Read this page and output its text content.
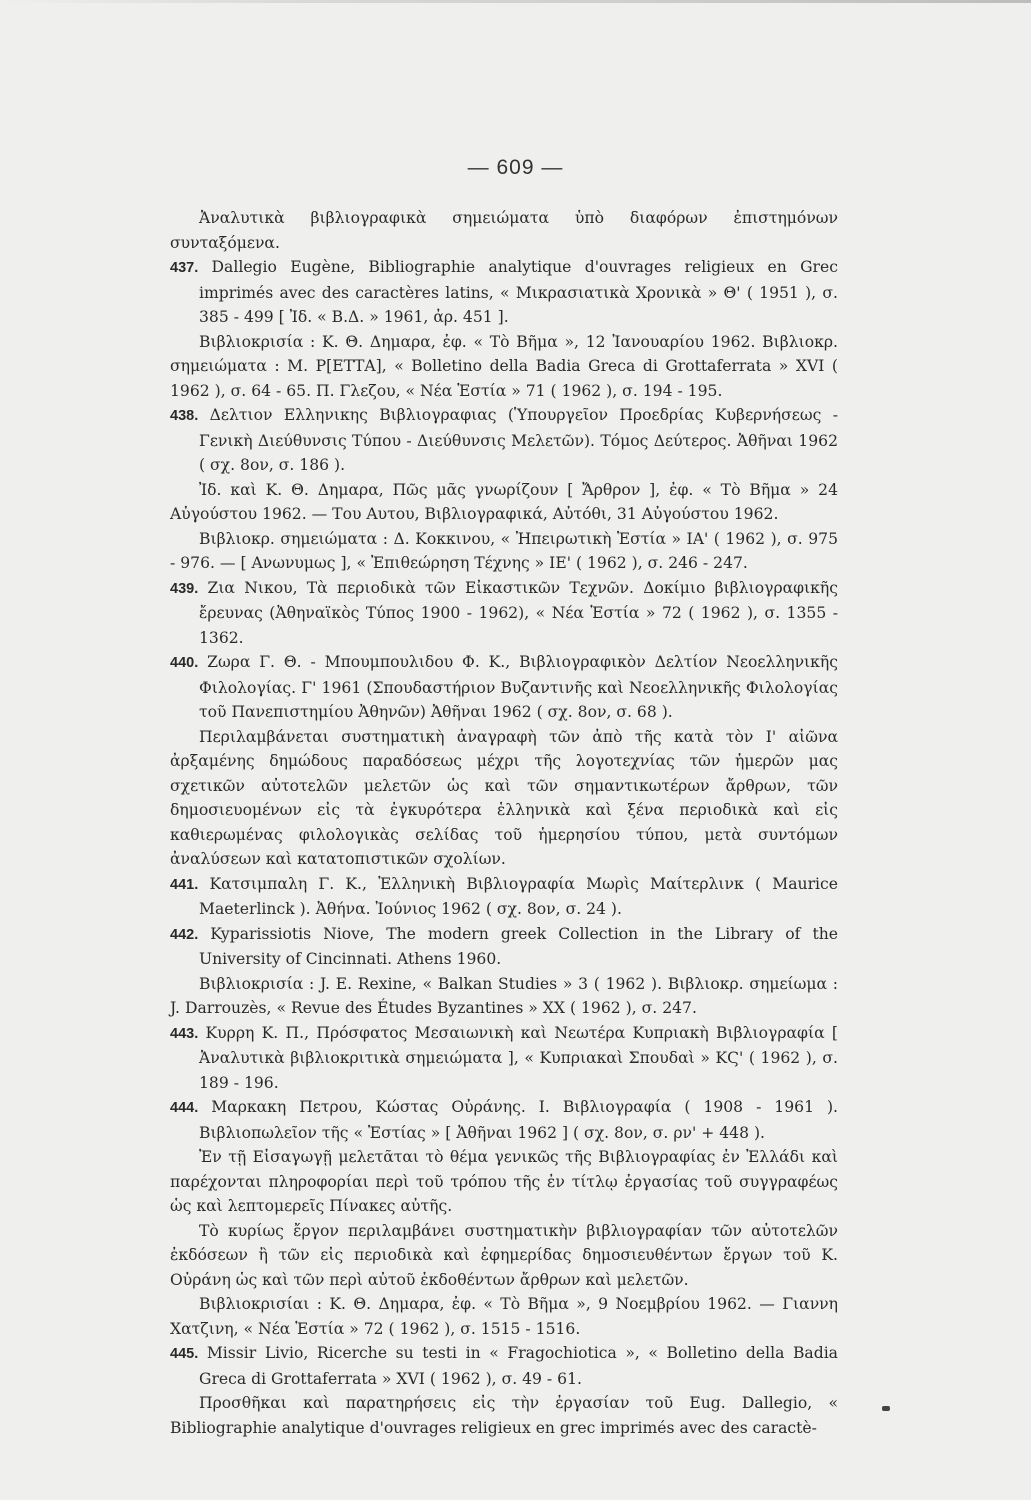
— 609 —

Ἀναλυτικὰ βιβλιογραφικὰ σημειώματα ὑπὸ διαφόρων ἐπιστημόνων συνταξόμενα.

437. Dallegio Eugène, Bibliographie analytique d'ouvrages religieux en Grec imprimés avec des caractères latins, « Μικρασιατικὰ Χρονικὰ » Θ' ( 1951 ), σ. 385 - 499 [ Ἰδ. « Β.Δ. » 1961, ἀρ. 451 ].

Βιβλιοκρισία : Κ. Θ. Δημαρα, ἐφ. « Τὸ Βῆμα », 12 Ἰανουαρίου 1962. Βιβλιοκρ. σημειώματα : Μ. Ρ[ΕΤΤΑ], « Bolletino della Badia Greca di Grottaferrata » XVI ( 1962 ), σ. 64 - 65. Π. Γλεζου, « Νέα Ἑστία » 71 ( 1962 ), σ. 194 - 195.

438. Δελτιον Ελληνικης Βιβλιογραφιας (Ὑπουργεῖον Προεδρίας Κυβερνήσεως - Γενικὴ Διεύθυνσις Τύπου - Διεύθυνσις Μελετῶν). Τόμος Δεύτερος. Ἀθῆναι 1962 ( σχ. 8ον, σ. 186 ).

Ἰδ. καὶ Κ. Θ. Δημαρα, Πῶς μᾶς γνωρίζουν [ Ἄρθρον ], ἐφ. « Τὸ Βῆμα » 24 Αὐγούστου 1962. — Του Αυτου, Βιβλιογραφικά, Αὐτόθι, 31 Αὐγούστου 1962.

Βιβλιοκρ. σημειώματα : Δ. Κοκκινου, « Ἠπειρωτικὴ Ἑστία » ΙΑ' ( 1962 ), σ. 975 - 976. — [ Ανωνυμως ], « Ἐπιθεώρηση Τέχνης » ΙΕ' ( 1962 ), σ. 246 - 247.

439. Ζια Νικου, Τὰ περιοδικὰ τῶν Εἰκαστικῶν Τεχνῶν. Δοκίμιο βιβλιογραφικῆς ἔρευνας (Ἀθηναϊκὸς Τύπος 1900 - 1962), « Νέα Ἑστία » 72 ( 1962 ), σ. 1355 - 1362.

440. Ζωρα Γ. Θ. - Μπουμπουλιδου Φ. Κ., Βιβλιογραφικὸν Δελτίον Νεοελληνικῆς Φιλολογίας. Γ' 1961 (Σπουδαστήριον Βυζαντινῆς καὶ Νεοελληνικῆς Φιλολογίας τοῦ Πανεπιστημίου Ἀθηνῶν) Ἀθῆναι 1962 ( σχ. 8ον, σ. 68 ).

Περιλαμβάνεται συστηματικὴ ἀναγραφὴ τῶν ἀπὸ τῆς κατὰ τὸν Ι' αἰῶνα ἀρξαμένης δημώδους παραδόσεως μέχρι τῆς λογοτεχνίας τῶν ἡμερῶν μας σχετικῶν αὐτοτελῶν μελετῶν ὡς καὶ τῶν σημαντικωτέρων ἄρθρων, τῶν δημοσιευομένων εἰς τὰ ἐγκυρότερα ἑλληνικὰ καὶ ξένα περιοδικὰ καὶ εἰς καθιερωμένας φιλολογικὰς σελίδας τοῦ ἡμερησίου τύπου, μετὰ συντόμων ἀναλύσεων καὶ κατατοπιστικῶν σχολίων.

441. Κατσιμπαλη Γ. Κ., Ἑλληνικὴ Βιβλιογραφία Μωρὶς Μαίτερλινκ ( Maurice Maeterlinck ). Ἀθήνα. Ἰούνιος 1962 ( σχ. 8ον, σ. 24 ).

442. Kyparissiotis Niove, The modern greek Collection in the Library of the University of Cincinnati. Athens 1960.

Βιβλιοκρισία : J. E. Rexine, « Balkan Studies » 3 ( 1962 ). Βιβλιοκρ. σημείωμα : J. Darrouzès, « Revue des Études Byzantines » XX ( 1962 ), σ. 247.

443. Κυρρη Κ. Π., Πρόσφατος Μεσαιωνικὴ καὶ Νεωτέρα Κυπριακὴ Βιβλιογραφία [ Ἀναλυτικὰ βιβλιοκριτικὰ σημειώματα ], « Κυπριακαὶ Σπουδαὶ » ΚϚ' ( 1962 ), σ. 189 - 196.

444. Μαρκακη Πετρου, Κώστας Οὐράνης. Ι. Βιβλιογραφία ( 1908 - 1961 ). Βιβλιοπωλεῖον τῆς « Ἑστίας » [ Ἀθῆναι 1962 ] ( σχ. 8ον, σ. ρν' + 448 ).

Ἐν τῇ Εἰσαγωγῇ μελετᾶται τὸ θέμα γενικῶς τῆς Βιβλιογραφίας ἐν Ἑλλάδι καὶ παρέχονται πληροφορίαι περὶ τοῦ τρόπου τῆς ἐν τίτλῳ ἐργασίας τοῦ συγγραφέως ὡς καὶ λεπτομερεῖς Πίνακες αὐτῆς.

Τὸ κυρίως ἔργον περιλαμβάνει συστηματικὴν βιβλιογραφίαν τῶν αὐτοτελῶν ἐκδόσεων ἢ τῶν εἰς περιοδικὰ καὶ ἐφημερίδας δημοσιευθέντων ἔργων τοῦ Κ. Οὐράνη ὡς καὶ τῶν περὶ αὐτοῦ ἐκδοθέντων ἄρθρων καὶ μελετῶν.

Βιβλιοκρισίαι : Κ. Θ. Δημαρα, ἐφ. « Τὸ Βῆμα », 9 Νοεμβρίου 1962. — Γιαννη Χατζινη, « Νέα Ἑστία » 72 ( 1962 ), σ. 1515 - 1516.

445. Missir Livio, Ricerche su testi in « Fragochiotica », « Bolletino della Badia Greca di Grottaferrata » XVI ( 1962 ), σ. 49 - 61.

Προσθῆκαι καὶ παρατηρήσεις εἰς τὴν ἐργασίαν τοῦ Eug. Dallegio, « Bibliographie analytique d'ouvrages religieux en grec imprimés avec des caractè-
